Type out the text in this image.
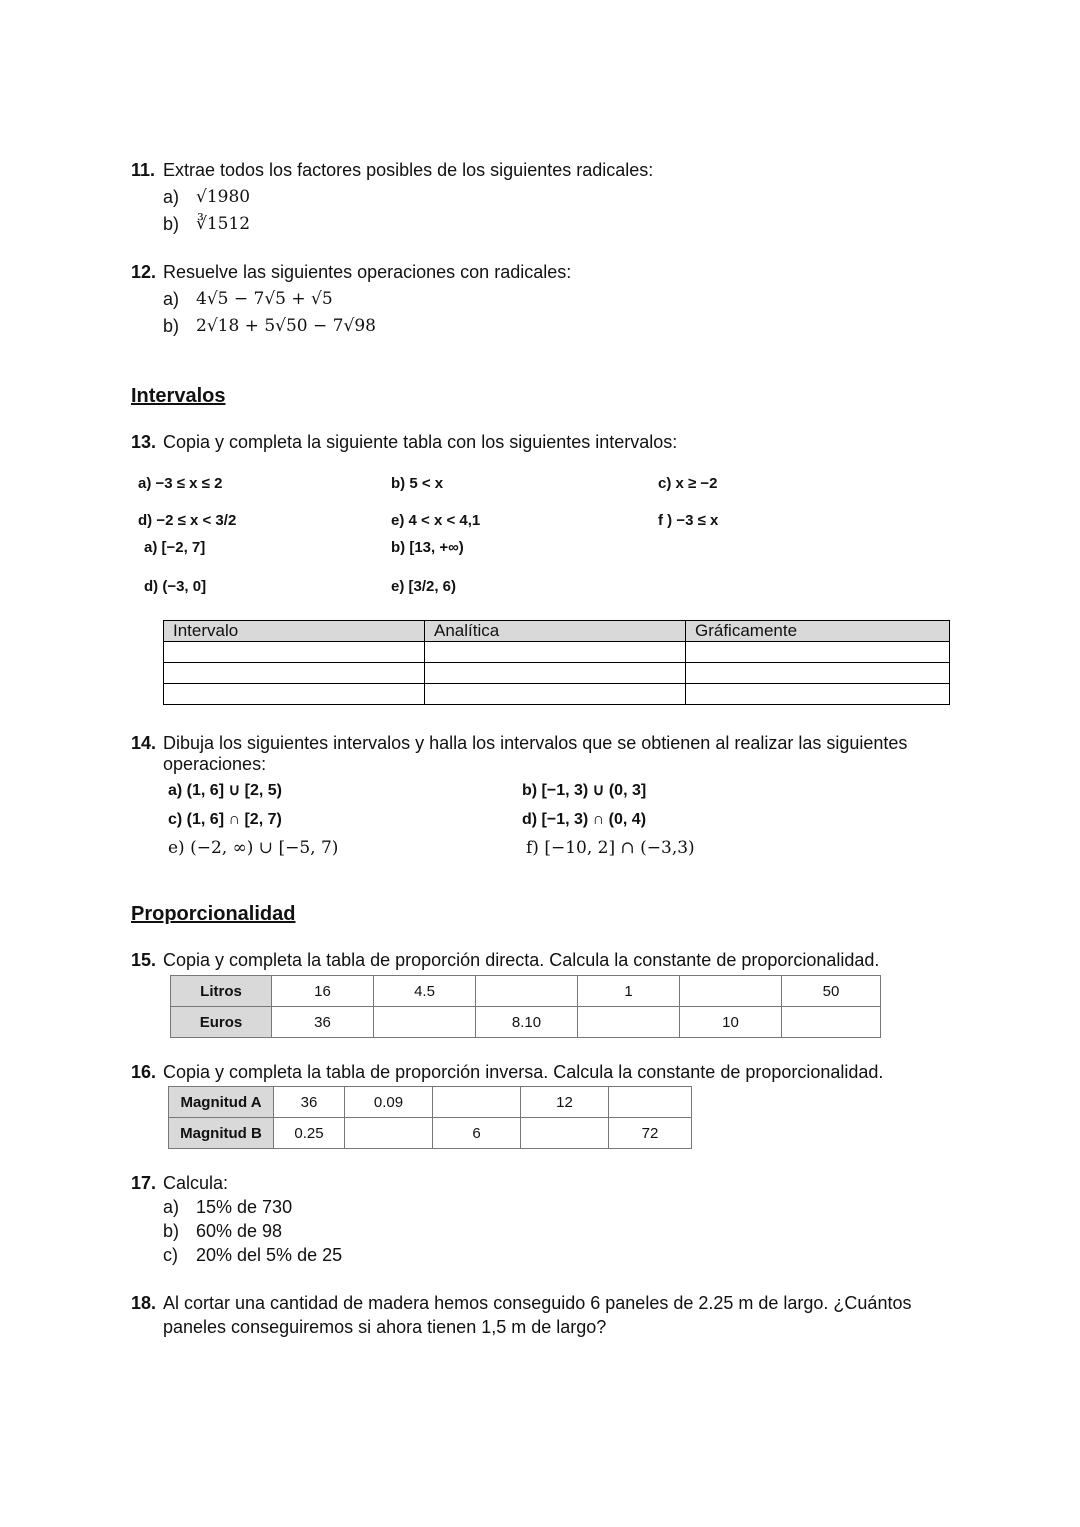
11. Extrae todos los factores posibles de los siguientes radicales:
a) √1980
b) ∛1512
12. Resuelve las siguientes operaciones con radicales:
a) 4√5 − 7√5 + √5
b) 2√18 + 5√50 − 7√98
Intervalos
13. Copia y completa la siguiente tabla con los siguientes intervalos:
a) −3 ≤ x ≤ 2	b) 5 < x	c) x ≥ −2
d) −2 ≤ x < 3/2	e) 4 < x < 4,1	f ) −3 ≤ x
a) [−2, 7]	b) [13, +∞)
d) (−3, 0]	e) [3/2, 6)
Intervalo	Analítica	Gráficamente

14. Dibuja los siguientes intervalos y halla los intervalos que se obtienen al realizar las siguientes
operaciones:
a) (1, 6] ∪ [2, 5)	b) [−1, 3) ∪ (0, 3]
c) (1, 6] ∩ [2, 7)	d) [−1, 3) ∩ (0, 4)
e) (−2, ∞) ∪ [−5, 7)	f) [−10, 2] ∩ (−3,3)
Proporcionalidad
15. Copia y completa la tabla de proporción directa. Calcula la constante de proporcionalidad.
Litros	16	4.5		1		50
Euros	36		8.10		10	
16. Copia y completa la tabla de proporción inversa. Calcula la constante de proporcionalidad.
Magnitud A	36	0.09		12	
Magnitud B	0.25		6		72
17. Calcula:
a) 15% de 730
b) 60% de 98
c) 20% del 5% de 25
18. Al cortar una cantidad de madera hemos conseguido 6 paneles de 2.25 m de largo. ¿Cuántos
paneles conseguiremos si ahora tienen 1,5 m de largo?
